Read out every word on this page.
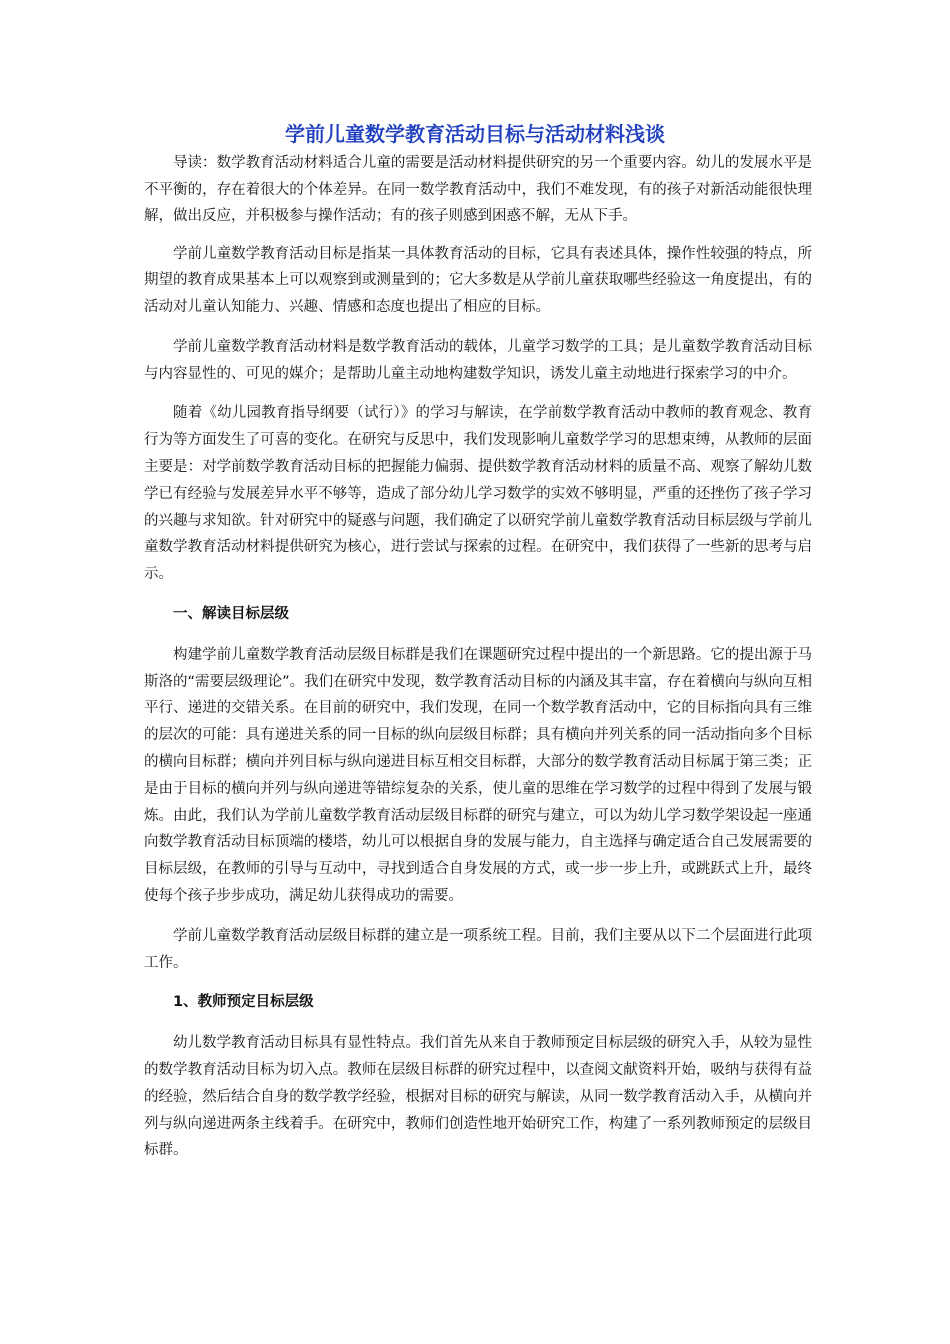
学前儿童数学教育活动目标与活动材料浅谈

导读：数学教育活动材料适合儿童的需要是活动材料提供研究的另一个重要内容。幼儿的发展水平是不平衡的，存在着很大的个体差异。在同一数学教育活动中，我们不难发现，有的孩子对新活动能很快理解，做出反应，并积极参与操作活动；有的孩子则感到困惑不解，无从下手。

学前儿童数学教育活动目标是指某一具体教育活动的目标，它具有表述具体，操作性较强的特点，所期望的教育成果基本上可以观察到或测量到的；它大多数是从学前儿童获取哪些经验这一角度提出，有的活动对儿童认知能力、兴趣、情感和态度也提出了相应的目标。

学前儿童数学教育活动材料是数学教育活动的载体，儿童学习数学的工具；是儿童数学教育活动目标与内容显性的、可见的媒介；是帮助儿童主动地构建数学知识，诱发儿童主动地进行探索学习的中介。

随着《幼儿园教育指导纲要（试行）》的学习与解读，在学前数学教育活动中教师的教育观念、教育行为等方面发生了可喜的变化。在研究与反思中，我们发现影响儿童数学学习的思想束缚，从教师的层面主要是：对学前数学教育活动目标的把握能力偏弱、提供数学教育活动材料的质量不高、观察了解幼儿数学已有经验与发展差异水平不够等，造成了部分幼儿学习数学的实效不够明显，严重的还挫伤了孩子学习的兴趣与求知欲。针对研究中的疑惑与问题，我们确定了以研究学前儿童数学教育活动目标层级与学前儿童数学教育活动材料提供研究为核心，进行尝试与探索的过程。在研究中，我们获得了一些新的思考与启示。

一、解读目标层级

构建学前儿童数学教育活动层级目标群是我们在课题研究过程中提出的一个新思路。它的提出源于马斯洛的“需要层级理论”。我们在研究中发现，数学教育活动目标的内涵及其丰富，存在着横向与纵向互相平行、递进的交错关系。在目前的研究中，我们发现，在同一个数学教育活动中，它的目标指向具有三维的层次的可能：具有递进关系的同一目标的纵向层级目标群；具有横向并列关系的同一活动指向多个目标的横向目标群；横向并列目标与纵向递进目标互相交目标群，大部分的数学教育活动目标属于第三类；正是由于目标的横向并列与纵向递进等错综复杂的关系，使儿童的思维在学习数学的过程中得到了发展与锻炼。由此，我们认为学前儿童数学教育活动层级目标群的研究与建立，可以为幼儿学习数学架设起一座通向数学教育活动目标顶端的楼塔，幼儿可以根据自身的发展与能力，自主选择与确定适合自己发展需要的目标层级，在教师的引导与互动中，寻找到适合自身发展的方式，或一步一步上升，或跳跃式上升，最终使每个孩子步步成功，满足幼儿获得成功的需要。

学前儿童数学教育活动层级目标群的建立是一项系统工程。目前，我们主要从以下二个层面进行此项工作。

1、教师预定目标层级

幼儿数学教育活动目标具有显性特点。我们首先从来自于教师预定目标层级的研究入手，从较为显性的数学教育活动目标为切入点。教师在层级目标群的研究过程中，以查阅文献资料开始，吸纳与获得有益的经验，然后结合自身的数学教学经验，根据对目标的研究与解读，从同一数学教育活动入手，从横向并列与纵向递进两条主线着手。在研究中，教师们创造性地开始研究工作，构建了一系列教师预定的层级目标群。
